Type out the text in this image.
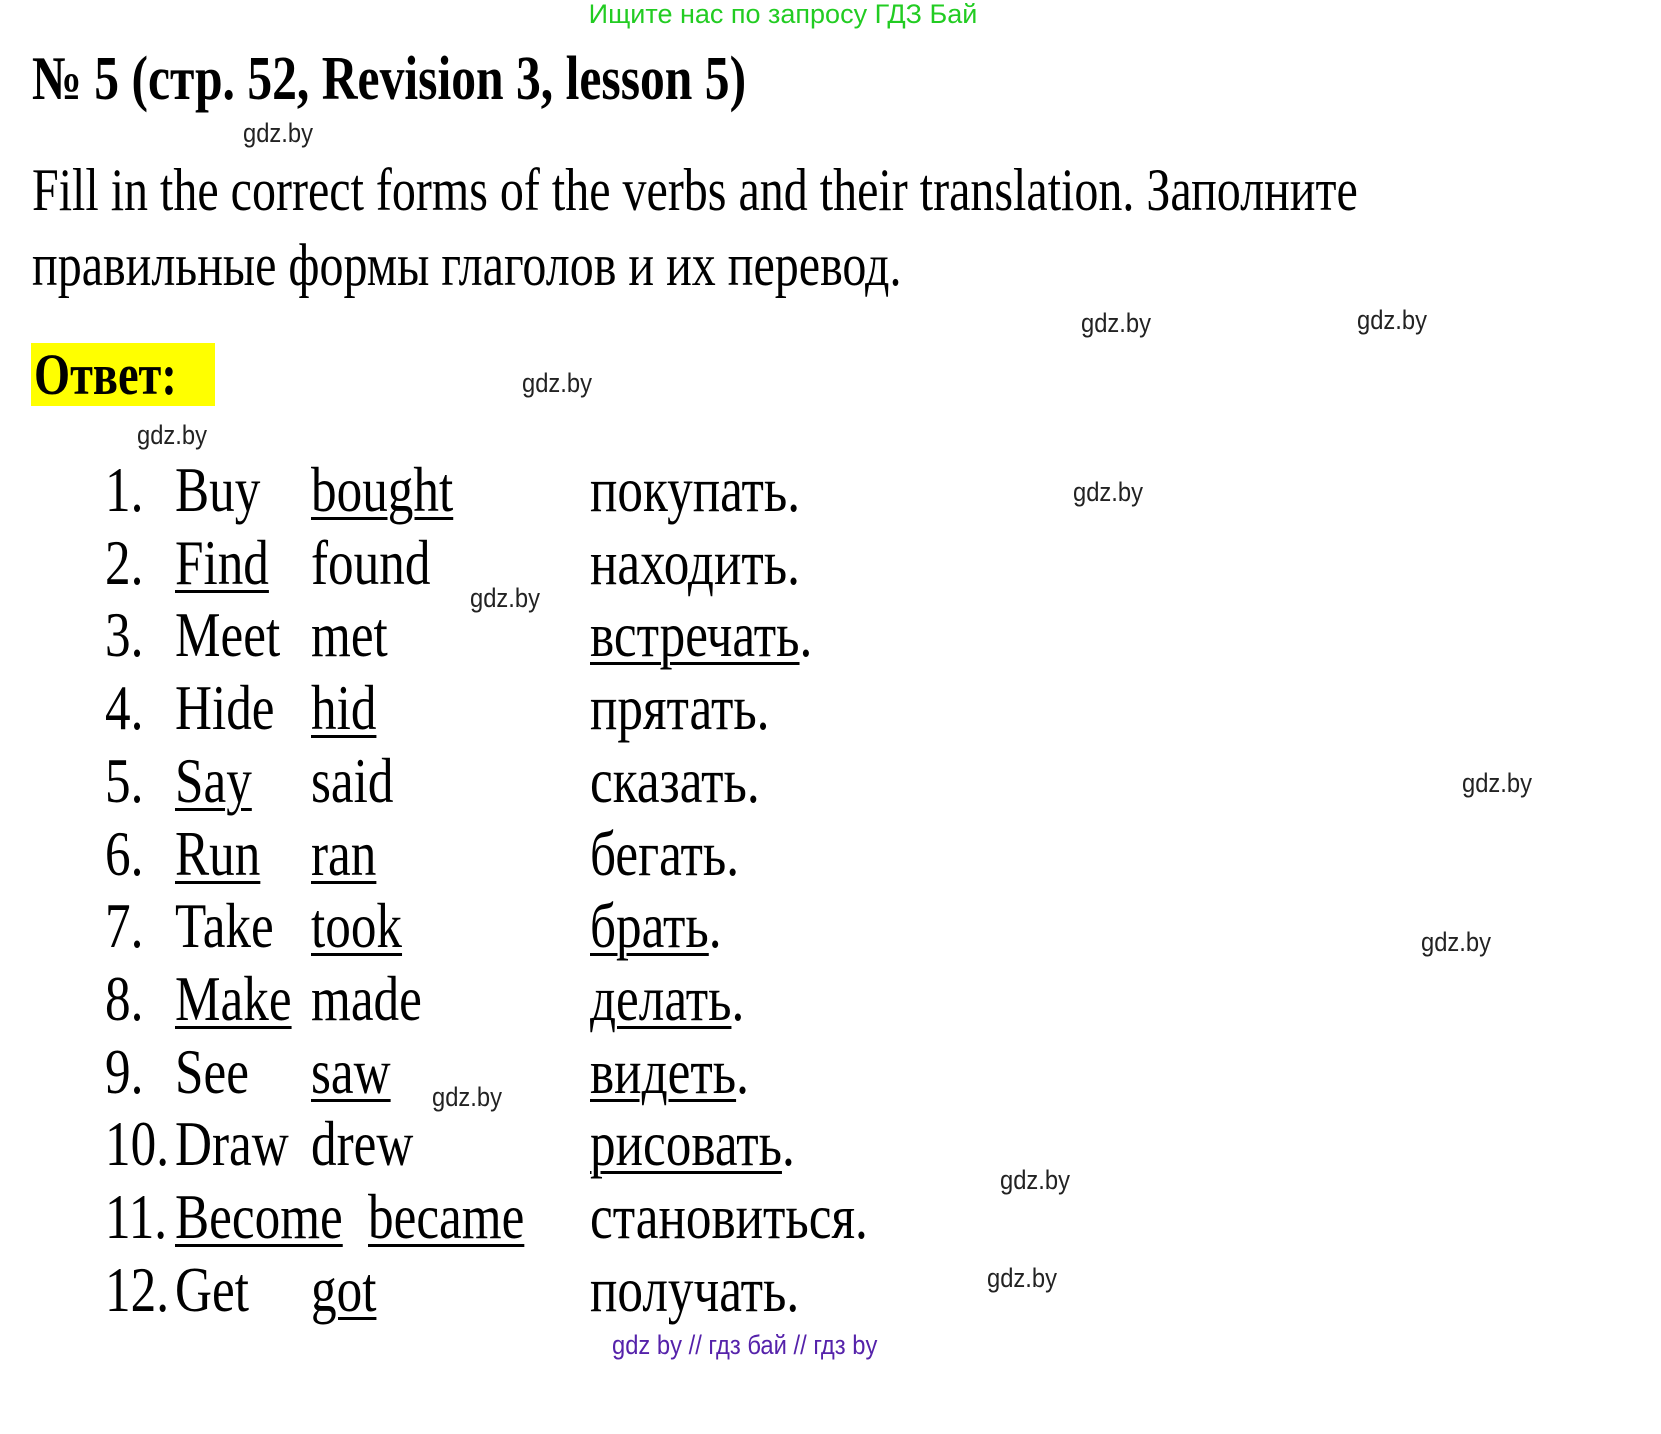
Ищите нас по запросу ГДЗ Бай
№ 5 (стр. 52, Revision 3, lesson 5)
Fill in the correct forms of the verbs and their translation. Заполните
правильные формы глаголов и их перевод.
Ответ:
1. Buy bought покупать.
2. Find found находить.
3. Meet met	встречать.
4. Hide hid	прятать.
5. Say said	сказать.
6. Run ran	бегать.
7. Take took	брать.
8. Make made	делать.
9. See saw	видеть.
10. Draw drew	рисовать.
11. Become became становиться.
12. Get got	получать.
gdz.by
gdz.by
gdz.by
gdz.by
gdz.by
gdz.by
gdz.by
gdz.by
gdz.by
gdz.by
gdz.by
gdz.by
gdz by // гдз бай // гдз by
